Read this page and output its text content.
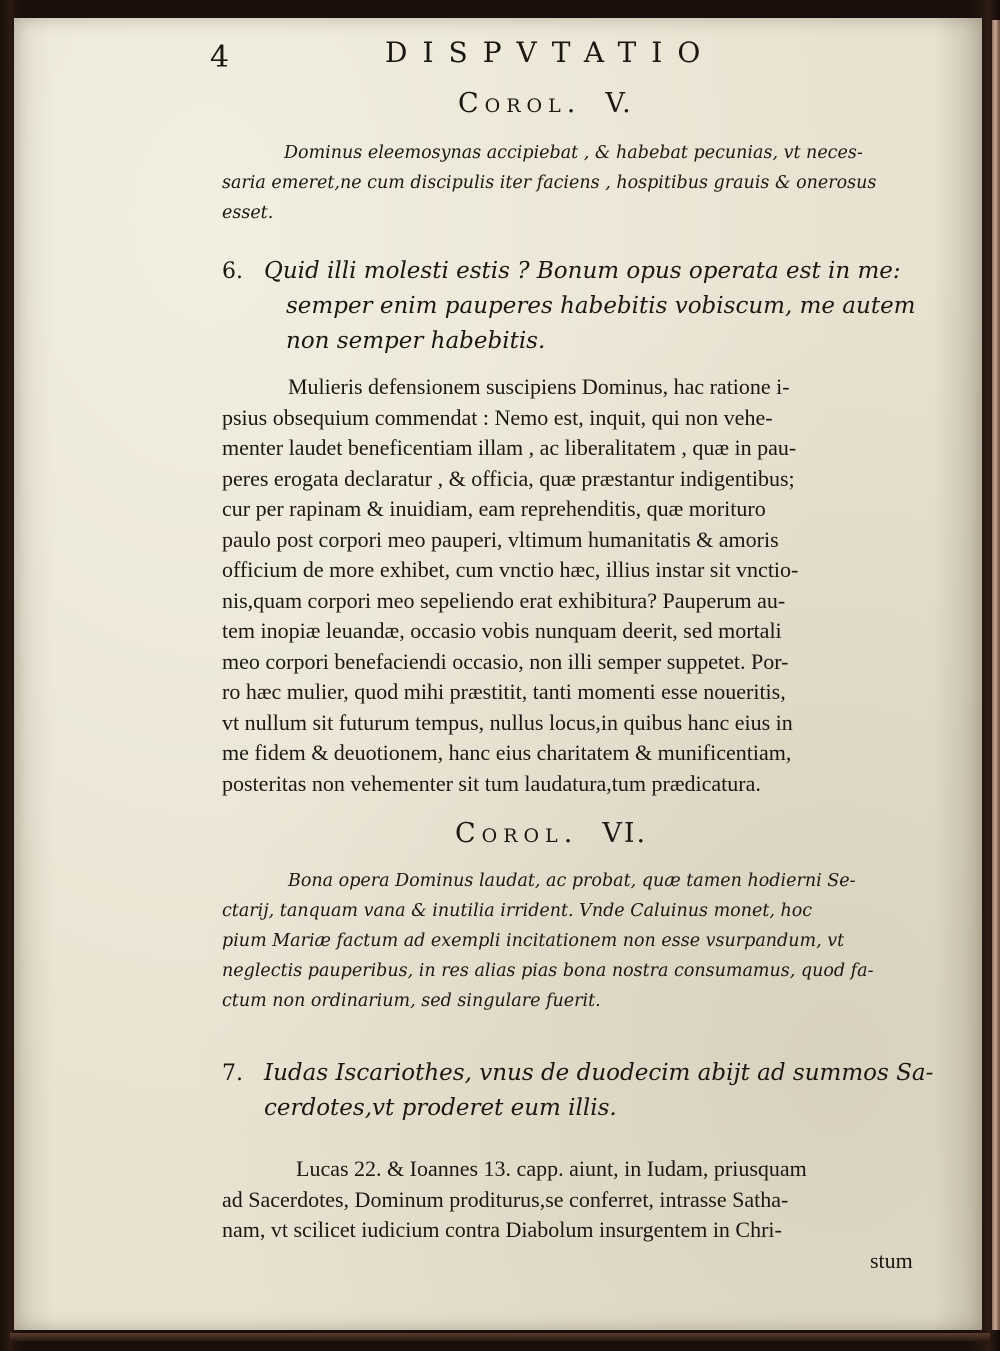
4	DISPVTATIO
Corol. V.
Dominus eleemosynas accipiebat , & habebat pecunias, vt neces-
saria emeret,ne cum discipulis iter faciens , hospitibus grauis & onerosus
esset.
6. Quid illi molesti estis ? Bonum opus operata est in me:
semper enim pauperes habebitis vobiscum, me autem
non semper habebitis.
Mulieris defensionem suscipiens Dominus, hac ratione i-
psius obsequium commendat : Nemo est, inquit, qui non vehe-
menter laudet beneficentiam illam , ac liberalitatem , quæ in pau-
peres erogata declaratur , & officia, quæ præstantur indigentibus;
cur per rapinam & inuidiam, eam reprehenditis, quæ morituro
paulo post corpori meo pauperi, vltimum humanitatis & amoris
officium de more exhibet, cum vnctio hæc, illius instar sit vnctio-
nis,quam corpori meo sepeliendo erat exhibitura? Pauperum au-
tem inopiæ leuandæ, occasio vobis nunquam deerit, sed mortali
meo corpori benefaciendi occasio, non illi semper suppetet. Por-
ro hæc mulier, quod mihi præstitit, tanti momenti esse noueritis,
vt nullum sit futurum tempus, nullus locus,in quibus hanc eius in
me fidem & deuotionem, hanc eius charitatem & munificentiam,
posteritas non vehementer sit tum laudatura,tum prædicatura.
Corol. VI.
Bona opera Dominus laudat, ac probat, quæ tamen hodierni Se-
ctarij, tanquam vana & inutilia irrident. Vnde Caluinus monet, hoc
pium Mariæ factum ad exempli incitationem non esse vsurpandum, vt
neglectis pauperibus, in res alias pias bona nostra consumamus, quod fa-
ctum non ordinarium, sed singulare fuerit.
7. Iudas Iscariothes, vnus de duodecim abijt ad summos Sa-
cerdotes,vt proderet eum illis.
Lucas 22. & Ioannes 13. capp. aiunt, in Iudam, priusquam
ad Sacerdotes, Dominum proditurus,se conferret, intrasse Satha-
nam, vt scilicet iudicium contra Diabolum insurgentem in Chri-
stum
